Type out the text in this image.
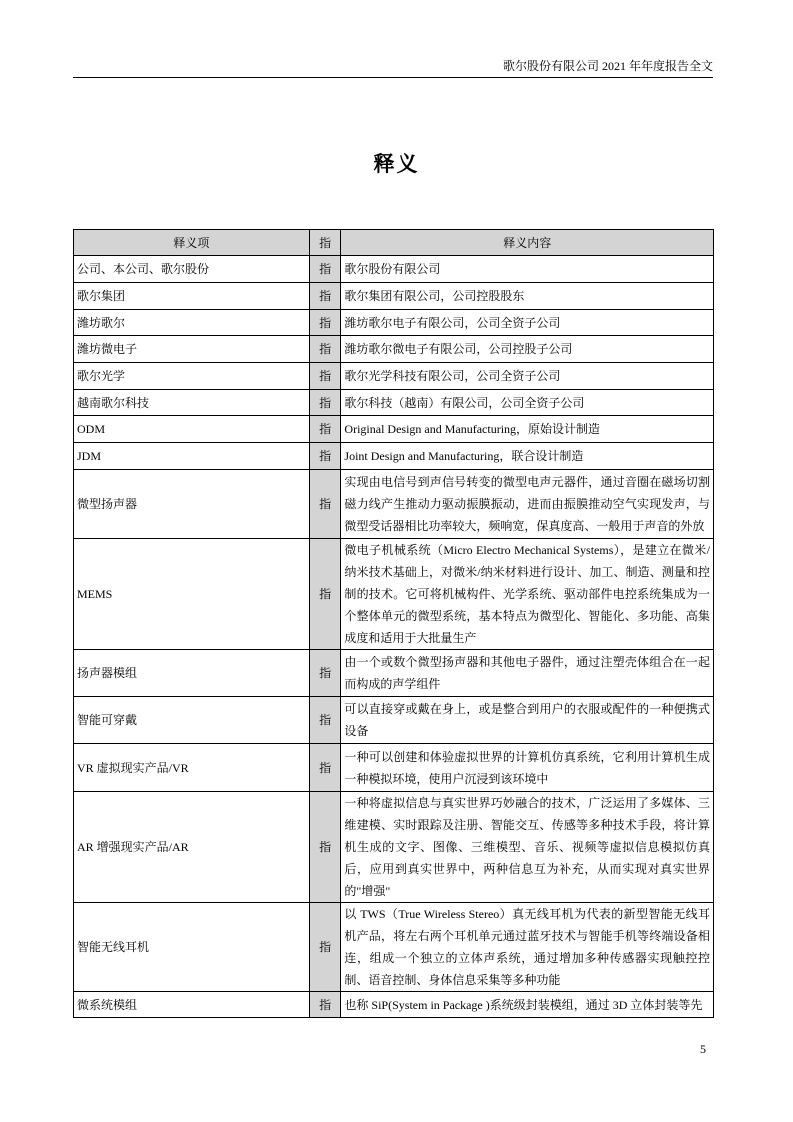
歌尔股份有限公司 2021 年年度报告全文
释义
释义项	指	释义内容
公司、本公司、歌尔股份	指	歌尔股份有限公司
歌尔集团	指	歌尔集团有限公司，公司控股股东
潍坊歌尔	指	潍坊歌尔电子有限公司，公司全资子公司
潍坊微电子	指	潍坊歌尔微电子有限公司，公司控股子公司
歌尔光学	指	歌尔光学科技有限公司，公司全资子公司
越南歌尔科技	指	歌尔科技（越南）有限公司，公司全资子公司
ODM	指	Original Design and Manufacturing，原始设计制造
JDM	指	Joint Design and Manufacturing，联合设计制造
微型扬声器	指	实现由电信号到声信号转变的微型电声元器件，通过音圈在磁场切割磁力线产生推动力驱动振膜振动，进而由振膜推动空气实现发声，与微型受话器相比功率较大，频响宽，保真度高、一般用于声音的外放
MEMS	指	微电子机械系统（Micro Electro Mechanical Systems），是建立在微米/纳米技术基础上，对微米/纳米材料进行设计、加工、制造、测量和控制的技术。它可将机械构件、光学系统、驱动部件电控系统集成为一个整体单元的微型系统，基本特点为微型化、智能化、多功能、高集成度和适用于大批量生产
扬声器模组	指	由一个或数个微型扬声器和其他电子器件，通过注塑壳体组合在一起而构成的声学组件
智能可穿戴	指	可以直接穿或戴在身上，或是整合到用户的衣服或配件的一种便携式设备
VR 虚拟现实产品/VR	指	一种可以创建和体验虚拟世界的计算机仿真系统，它利用计算机生成一种模拟环境，使用户沉浸到该环境中
AR 增强现实产品/AR	指	一种将虚拟信息与真实世界巧妙融合的技术，广泛运用了多媒体、三维建模、实时跟踪及注册、智能交互、传感等多种技术手段，将计算机生成的文字、图像、三维模型、音乐、视频等虚拟信息模拟仿真后，应用到真实世界中，两种信息互为补充，从而实现对真实世界的"增强"
智能无线耳机	指	以 TWS（True Wireless Stereo）真无线耳机为代表的新型智能无线耳机产品，将左右两个耳机单元通过蓝牙技术与智能手机等终端设备相连，组成一个独立的立体声系统，通过增加多种传感器实现触控控制、语音控制、身体信息采集等多种功能
微系统模组	指	也称 SiP(System in Package )系统级封装模组，通过 3D 立体封装等先
5
